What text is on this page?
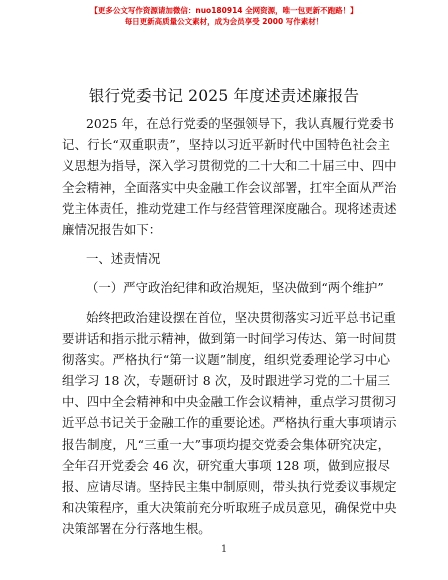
【更多公文写作资源请加微信：nuo180914 全网资源，唯一包更新不跑路！】
每日更新高质量公文素材，成为会员享受 2000 写作素材！
银行党委书记 2025 年度述责述廉报告
2025 年，在总行党委的坚强领导下，我认真履行党委书
记、行长“双重职责”，坚持以习近平新时代中国特色社会主
义思想为指导，深入学习贯彻党的二十大和二十届三中、四中
全会精神，全面落实中央金融工作会议部署，扛牢全面从严治
党主体责任，推动党建工作与经营管理深度融合。现将述责述
廉情况报告如下：
一、述责情况
（一）严守政治纪律和政治规矩，坚决做到“两个维护”
始终把政治建设摆在首位，坚决贯彻落实习近平总书记重
要讲话和指示批示精神，做到第一时间学习传达、第一时间贯
彻落实。严格执行“第一议题”制度，组织党委理论学习中心
组学习 18 次，专题研讨 8 次，及时跟进学习党的二十届三
中、四中全会精神和中央金融工作会议精神，重点学习贯彻习
近平总书记关于金融工作的重要论述。严格执行重大事项请示
报告制度，凡“三重一大”事项均提交党委会集体研究决定，
全年召开党委会 46 次，研究重大事项 128 项，做到应报尽
报、应请尽请。坚持民主集中制原则，带头执行党委议事规定
和决策程序，重大决策前充分听取班子成员意见，确保党中央
决策部署在分行落地生根。
1
